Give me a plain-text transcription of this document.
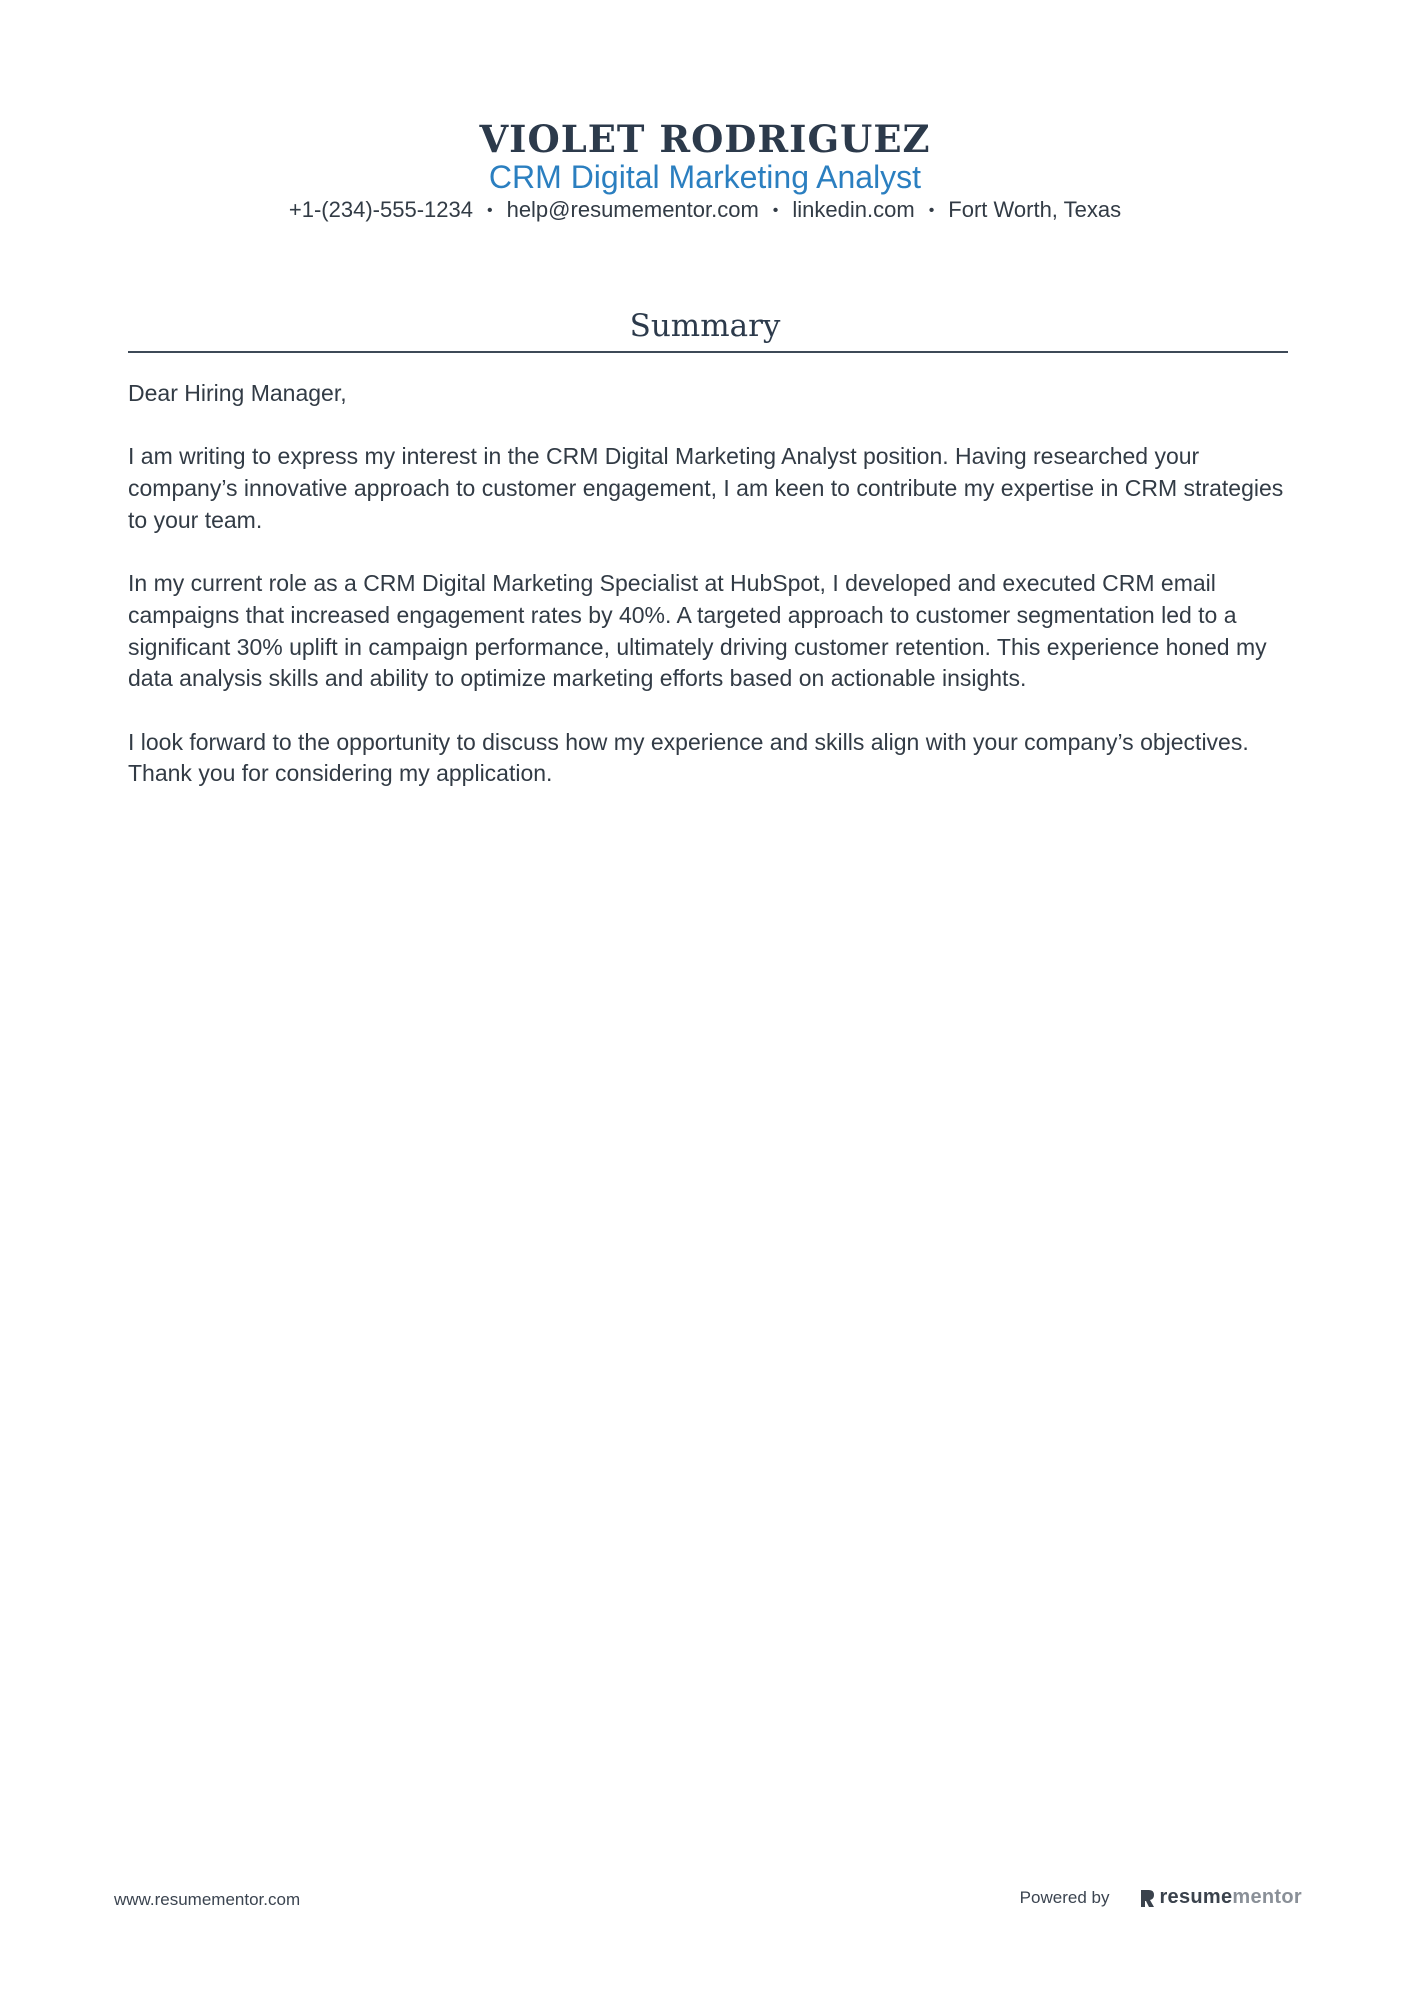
VIOLET RODRIGUEZ
CRM Digital Marketing Analyst
+1-(234)-555-1234 • help@resumementor.com • linkedin.com • Fort Worth, Texas
Summary

Dear Hiring Manager,

I am writing to express my interest in the CRM Digital Marketing Analyst position. Having researched your company’s innovative approach to customer engagement, I am keen to contribute my expertise in CRM strategies to your team.

In my current role as a CRM Digital Marketing Specialist at HubSpot, I developed and executed CRM email campaigns that increased engagement rates by 40%. A targeted approach to customer segmentation led to a significant 30% uplift in campaign performance, ultimately driving customer retention. This experience honed my data analysis skills and ability to optimize marketing efforts based on actionable insights.

I look forward to the opportunity to discuss how my experience and skills align with your company’s objectives. Thank you for considering my application.

www.resumementor.com	Powered by	resume mentor
